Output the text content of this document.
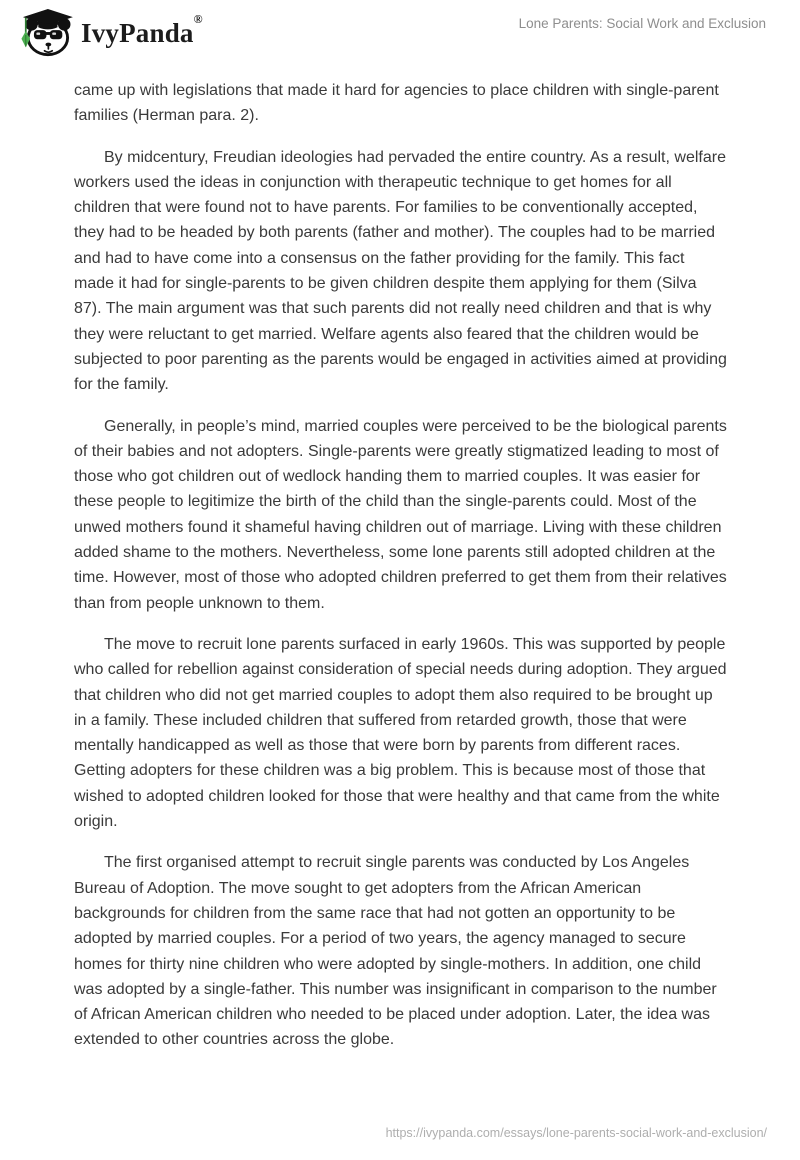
IvyPanda®	Lone Parents: Social Work and Exclusion

came up with legislations that made it hard for agencies to place children with single-parent families (Herman para. 2).

By midcentury, Freudian ideologies had pervaded the entire country. As a result, welfare workers used the ideas in conjunction with therapeutic technique to get homes for all children that were found not to have parents. For families to be conventionally accepted, they had to be headed by both parents (father and mother). The couples had to be married and had to have come into a consensus on the father providing for the family. This fact made it had for single-parents to be given children despite them applying for them (Silva 87). The main argument was that such parents did not really need children and that is why they were reluctant to get married. Welfare agents also feared that the children would be subjected to poor parenting as the parents would be engaged in activities aimed at providing for the family.

Generally, in people’s mind, married couples were perceived to be the biological parents of their babies and not adopters. Single-parents were greatly stigmatized leading to most of those who got children out of wedlock handing them to married couples. It was easier for these people to legitimize the birth of the child than the single-parents could. Most of the unwed mothers found it shameful having children out of marriage. Living with these children added shame to the mothers. Nevertheless, some lone parents still adopted children at the time. However, most of those who adopted children preferred to get them from their relatives than from people unknown to them.

The move to recruit lone parents surfaced in early 1960s. This was supported by people who called for rebellion against consideration of special needs during adoption. They argued that children who did not get married couples to adopt them also required to be brought up in a family. These included children that suffered from retarded growth, those that were mentally handicapped as well as those that were born by parents from different races. Getting adopters for these children was a big problem. This is because most of those that wished to adopted children looked for those that were healthy and that came from the white origin.

The first organised attempt to recruit single parents was conducted by Los Angeles Bureau of Adoption. The move sought to get adopters from the African American backgrounds for children from the same race that had not gotten an opportunity to be adopted by married couples. For a period of two years, the agency managed to secure homes for thirty nine children who were adopted by single-mothers. In addition, one child was adopted by a single-father. This number was insignificant in comparison to the number of African American children who needed to be placed under adoption. Later, the idea was extended to other countries across the globe.

https://ivypanda.com/essays/lone-parents-social-work-and-exclusion/
